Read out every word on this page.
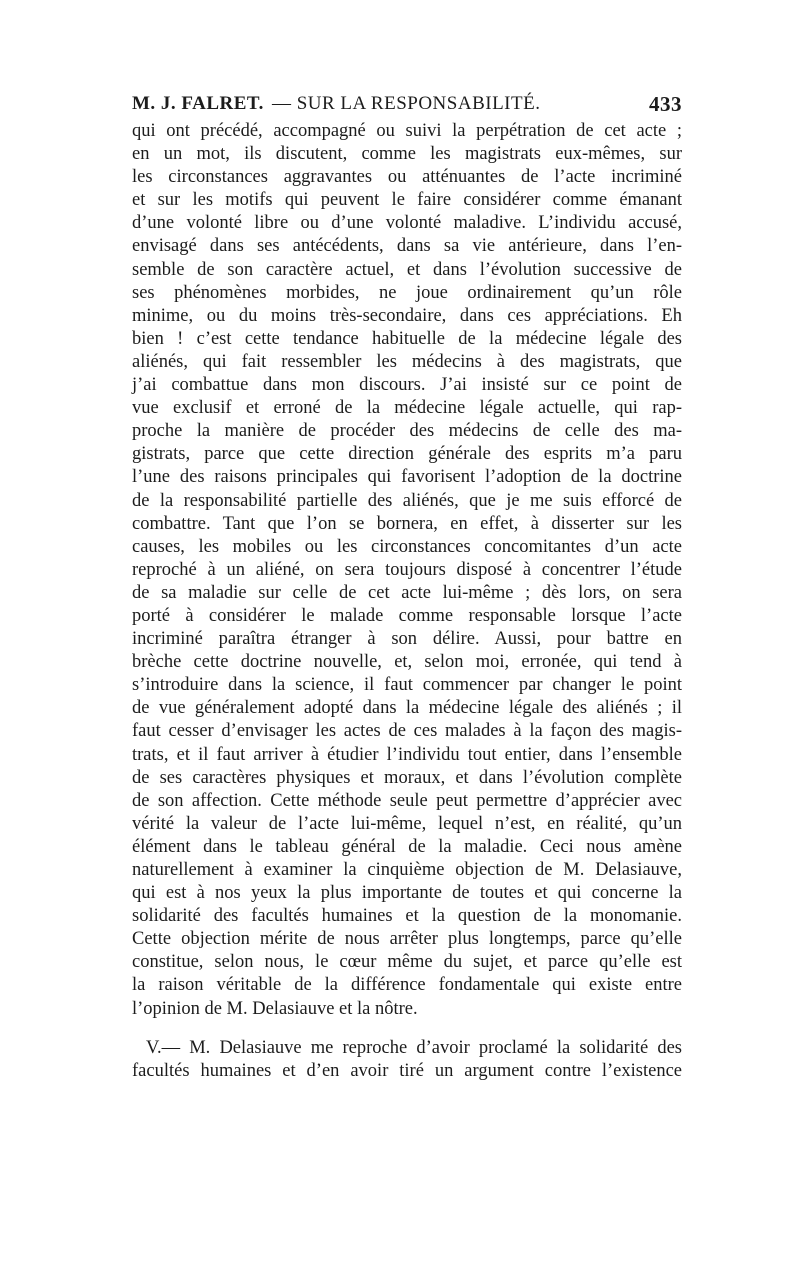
M. J. FALRET. — SUR LA RESPONSABILITÉ.	433
qui ont précédé, accompagné ou suivi la perpétration de cet acte ;
en un mot, ils discutent, comme les magistrats eux-mêmes, sur
les circonstances aggravantes ou atténuantes de l’acte incriminé
et sur les motifs qui peuvent le faire considérer comme émanant
d’une volonté libre ou d’une volonté maladive. L’individu accusé,
envisagé dans ses antécédents, dans sa vie antérieure, dans l’en-
semble de son caractère actuel, et dans l’évolution successive de
ses phénomènes morbides, ne joue ordinairement qu’un rôle
minime, ou du moins très-secondaire, dans ces appréciations. Eh
bien ! c’est cette tendance habituelle de la médecine légale des
aliénés, qui fait ressembler les médecins à des magistrats, que
j’ai combattue dans mon discours. J’ai insisté sur ce point de
vue exclusif et erroné de la médecine légale actuelle, qui rap-
proche la manière de procéder des médecins de celle des ma-
gistrats, parce que cette direction générale des esprits m’a paru
l’une des raisons principales qui favorisent l’adoption de la doctrine
de la responsabilité partielle des aliénés, que je me suis efforcé de
combattre. Tant que l’on se bornera, en effet, à disserter sur les
causes, les mobiles ou les circonstances concomitantes d’un acte
reproché à un aliéné, on sera toujours disposé à concentrer l’étude
de sa maladie sur celle de cet acte lui-même ; dès lors, on sera
porté à considérer le malade comme responsable lorsque l’acte
incriminé paraîtra étranger à son délire. Aussi, pour battre en
brèche cette doctrine nouvelle, et, selon moi, erronée, qui tend à
s’introduire dans la science, il faut commencer par changer le point
de vue généralement adopté dans la médecine légale des aliénés ; il
faut cesser d’envisager les actes de ces malades à la façon des magis-
trats, et il faut arriver à étudier l’individu tout entier, dans l’ensemble
de ses caractères physiques et moraux, et dans l’évolution complète
de son affection. Cette méthode seule peut permettre d’apprécier avec
vérité la valeur de l’acte lui-même, lequel n’est, en réalité, qu’un
élément dans le tableau général de la maladie. Ceci nous amène
naturellement à examiner la cinquième objection de M. Delasiauve,
qui est à nos yeux la plus importante de toutes et qui concerne la
solidarité des facultés humaines et la question de la monomanie.
Cette objection mérite de nous arrêter plus longtemps, parce qu’elle
constitue, selon nous, le cœur même du sujet, et parce qu’elle est
la raison véritable de la différence fondamentale qui existe entre
l’opinion de M. Delasiauve et la nôtre.
V.— M. Delasiauve me reproche d’avoir proclamé la solidarité des
facultés humaines et d’en avoir tiré un argument contre l’existence
